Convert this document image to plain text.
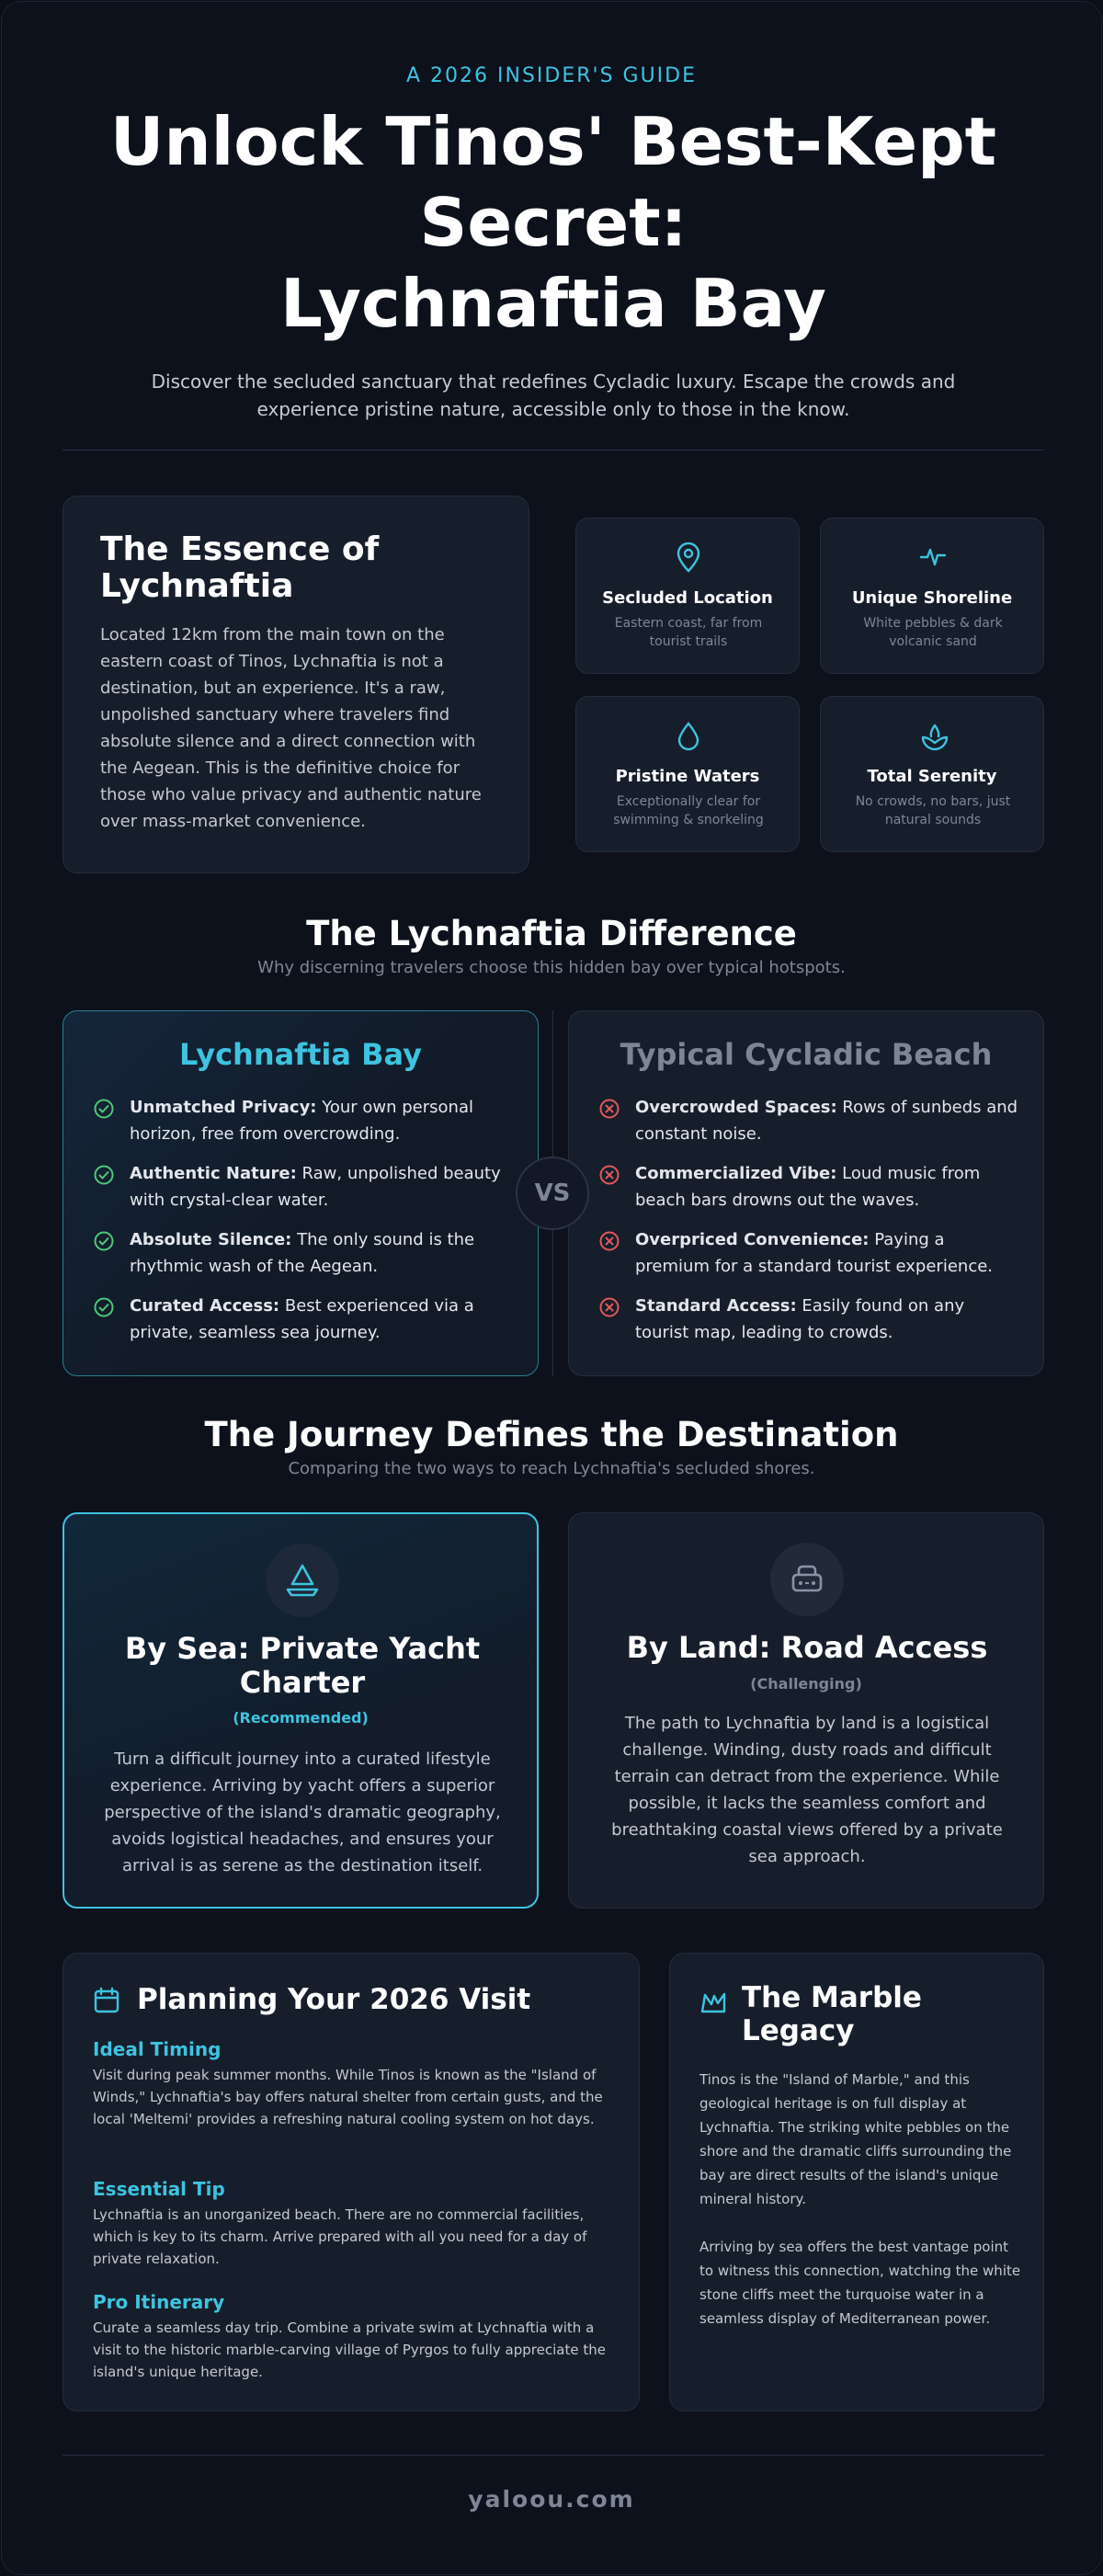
A 2026 INSIDER'S GUIDE
Unlock Tinos' Best-Kept
Secret:
Lychnaftia Bay

Discover the secluded sanctuary that redefines Cycladic luxury. Escape the crowds and experience pristine nature, accessible only to those in the know.

The Essence of Lychnaftia

Located 12km from the main town on the eastern coast of Tinos, Lychnaftia is not a destination, but an experience. It's a raw, unpolished sanctuary where travelers find absolute silence and a direct connection with the Aegean. This is the definitive choice for those who value privacy and authentic nature over mass-market convenience.

Secluded Location
Eastern coast, far from tourist trails
Unique Shoreline
White pebbles & dark volcanic sand
Pristine Waters
Exceptionally clear for swimming & snorkeling
Total Serenity
No crowds, no bars, just natural sounds
The Lychnaftia Difference

Why discerning travelers choose this hidden bay over typical hotspots.

Lychnaftia Bay
Unmatched Privacy: Your own personal horizon, free from overcrowding.
Authentic Nature: Raw, unpolished beauty with crystal-clear water.
Absolute Silence: The only sound is the rhythmic wash of the Aegean.
Curated Access: Best experienced via a private, seamless sea journey.
Typical Cycladic Beach
Overcrowded Spaces: Rows of sunbeds and constant noise.
Commercialized Vibe: Loud music from beach bars drowns out the waves.
Overpriced Convenience: Paying a premium for a standard tourist experience.
Standard Access: Easily found on any tourist map, leading to crowds.
VS
The Journey Defines the Destination

Comparing the two ways to reach Lychnaftia's secluded shores.

By Sea: Private Yacht Charter
(Recommended)

Turn a difficult journey into a curated lifestyle experience. Arriving by yacht offers a superior perspective of the island's dramatic geography, avoids logistical headaches, and ensures your arrival is as serene as the destination itself.

By Land: Road Access
(Challenging)

The path to Lychnaftia by land is a logistical challenge. Winding, dusty roads and difficult terrain can detract from the experience. While possible, it lacks the seamless comfort and breathtaking coastal views offered by a private sea approach.

Planning Your 2026 Visit
Ideal Timing

Visit during peak summer months. While Tinos is known as the "Island of Winds," Lychnaftia's bay offers natural shelter from certain gusts, and the local 'Meltemi' provides a refreshing natural cooling system on hot days.

Essential Tip

Lychnaftia is an unorganized beach. There are no commercial facilities, which is key to its charm. Arrive prepared with all you need for a day of private relaxation.

Pro Itinerary

Curate a seamless day trip. Combine a private swim at Lychnaftia with a visit to the historic marble-carving village of Pyrgos to fully appreciate the island's unique heritage.

The Marble Legacy

Tinos is the "Island of Marble," and this geological heritage is on full display at Lychnaftia. The striking white pebbles on the shore and the dramatic cliffs surrounding the bay are direct results of the island's unique mineral history.

Arriving by sea offers the best vantage point to witness this connection, watching the white stone cliffs meet the turquoise water in a seamless display of Mediterranean power.

yaloou.com
